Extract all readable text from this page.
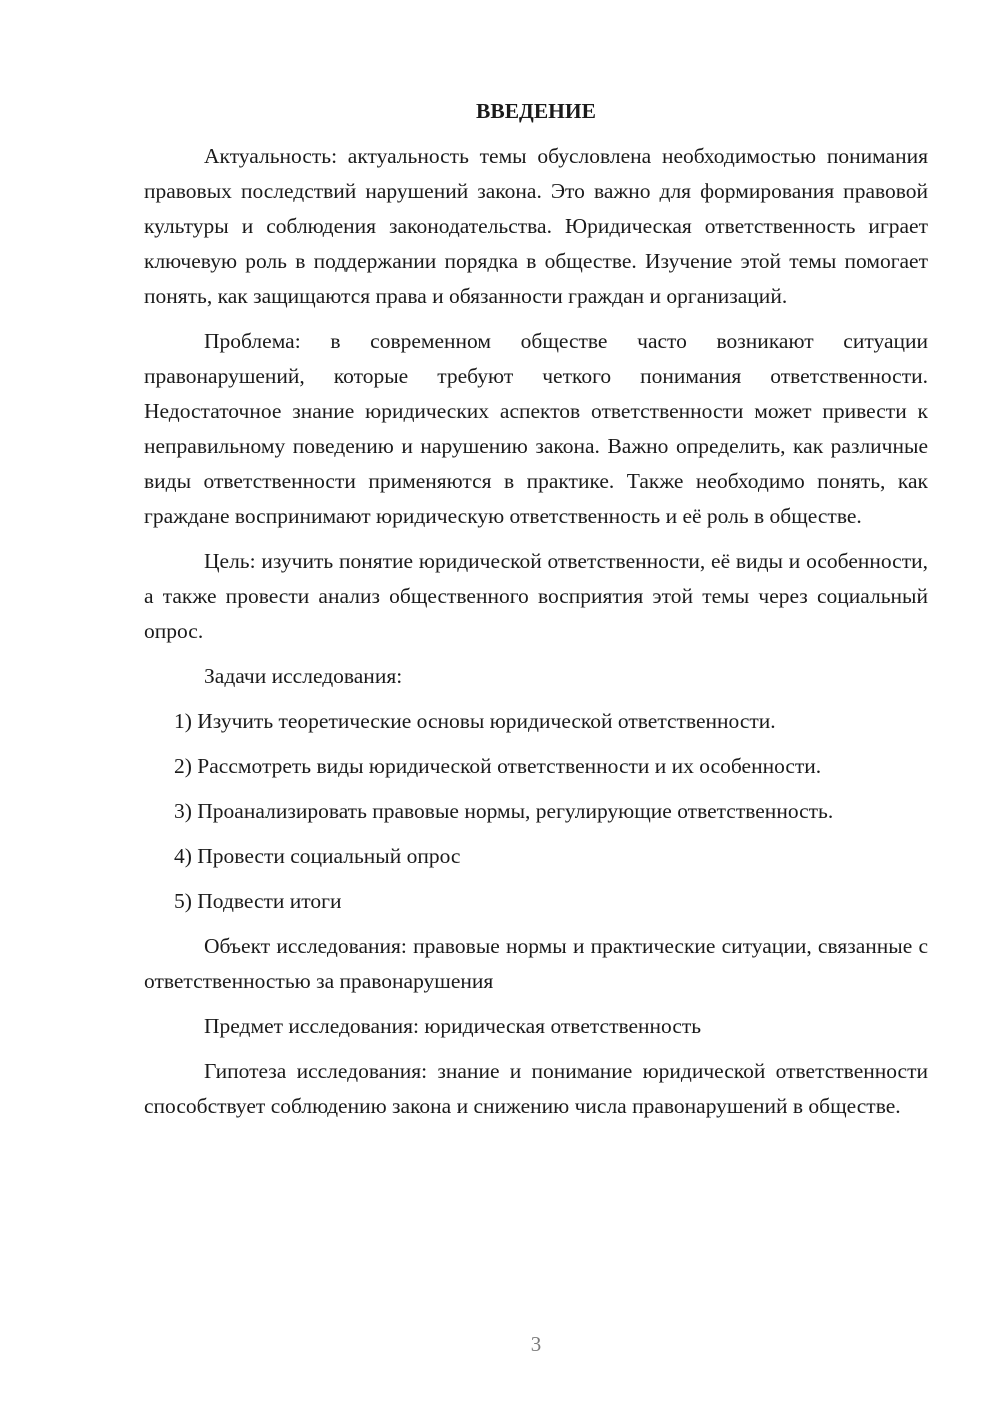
ВВЕДЕНИЕ

Актуальность: актуальность темы обусловлена необходимостью понимания правовых последствий нарушений закона. Это важно для формирования правовой культуры и соблюдения законодательства. Юридическая ответственность играет ключевую роль в поддержании порядка в обществе. Изучение этой темы помогает понять, как защищаются права и обязанности граждан и организаций.

Проблема: в современном обществе часто возникают ситуации правонарушений, которые требуют четкого понимания ответственности. Недостаточное знание юридических аспектов ответственности может привести к неправильному поведению и нарушению закона. Важно определить, как различные виды ответственности применяются в практике. Также необходимо понять, как граждане воспринимают юридическую ответственность и её роль в обществе.

Цель: изучить понятие юридической ответственности, её виды и особенности, а также провести анализ общественного восприятия этой темы через социальный опрос.

Задачи исследования:

1) Изучить теоретические основы юридической ответственности.

2) Рассмотреть виды юридической ответственности и их особенности.

3) Проанализировать правовые нормы, регулирующие ответственность.

4) Провести социальный опрос

5) Подвести итоги

Объект исследования: правовые нормы и практические ситуации, связанные с ответственностью за правонарушения

Предмет исследования: юридическая ответственность

Гипотеза исследования: знание и понимание юридической ответственности способствует соблюдению закона и снижению числа правонарушений в обществе.

3
